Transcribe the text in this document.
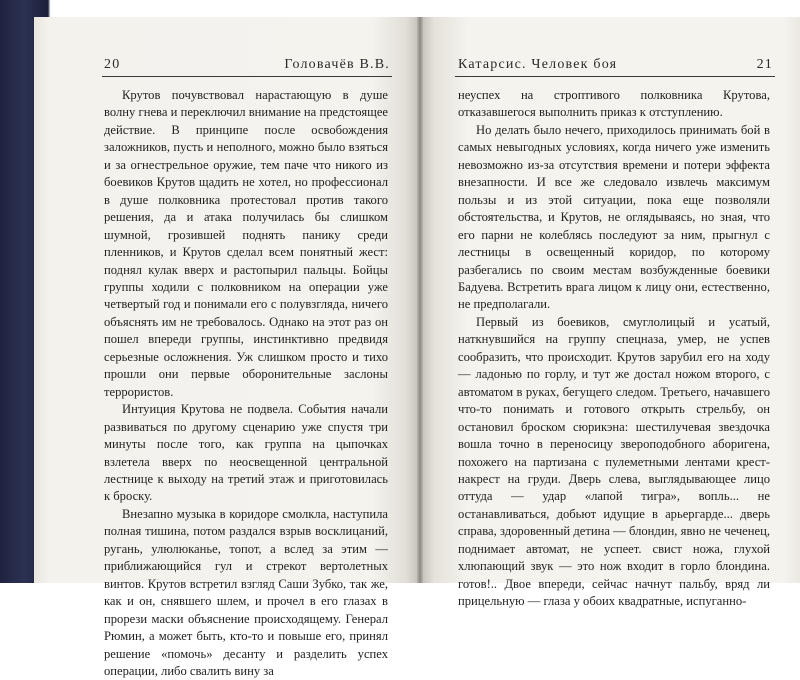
20	Головачёв В.В.

Крутов почувствовал нарастающую в душе волну гнева и переключил внимание на предстоящее действие. В принципе после освобождения заложников, пусть и неполного, можно было взяться и за огнестрельное оружие, тем паче что никого из боевиков Крутов щадить не хотел, но профессионал в душе полковника протестовал против такого решения, да и атака получилась бы слишком шумной, грозившей поднять панику среди пленников, и Крутов сделал всем понятный жест: поднял кулак вверх и растопырил пальцы. Бойцы группы ходили с полковником на операции уже четвертый год и понимали его с полувзгляда, ничего объяснять им не требовалось. Однако на этот раз он пошел впереди группы, инстинктивно предвидя серьезные осложнения. Уж слишком просто и тихо прошли они первые оборонительные заслоны террористов.

Интуиция Крутова не подвела. События начали развиваться по другому сценарию уже спустя три минуты после того, как группа на цыпочках взлетела вверх по неосвещенной центральной лестнице к выходу на третий этаж и приготовилась к броску.

Внезапно музыка в коридоре смолкла, наступила полная тишина, потом раздался взрыв восклицаний, ругань, улюлюканье, топот, а вслед за этим — приближающийся гул и стрекот вертолетных винтов. Крутов встретил взгляд Саши Зубко, так же, как и он, снявшего шлем, и прочел в его глазах в прорези маски объяснение происходящему. Генерал Рюмин, а может быть, кто-то и повыше его, принял решение «помочь» десанту и разделить успех операции, либо свалить вину за

Катарсис. Человек боя	21

неуспех на строптивого полковника Крутова, отказавшегося выполнить приказ к отступлению.

Но делать было нечего, приходилось принимать бой в самых невыгодных условиях, когда ничего уже изменить невозможно из-за отсутствия времени и потери эффекта внезапности. И все же следовало извлечь максимум пользы и из этой ситуации, пока еще позволяли обстоятельства, и Крутов, не оглядываясь, но зная, что его парни не колеблясь последуют за ним, прыгнул с лестницы в освещенный коридор, по которому разбегались по своим местам возбужденные боевики Бадуева. Встретить врага лицом к лицу они, естественно, не предполагали.

Первый из боевиков, смуглолицый и усатый, наткнувшийся на группу спецназа, умер, не успев сообразить, что происходит. Крутов зарубил его на ходу — ладонью по горлу, и тут же достал ножом второго, с автоматом в руках, бегущего следом. Третьего, начавшего что-то понимать и готового открыть стрельбу, он остановил броском сюрикэна: шестилучевая звездочка вошла точно в переносицу звероподобного аборигена, похожего на партизана с пулеметными лентами крест-накрест на груди. Дверь слева, выглядывающее лицо оттуда — удар «лапой тигра», вопль... не останавливаться, добьют идущие в арьергарде... дверь справа, здоровенный детина — блондин, явно не чеченец, поднимает автомат, не успеет. свист ножа, глухой хлюпающий звук — это нож входит в горло блондина. готов!.. Двое впереди, сейчас начнут пальбу, вряд ли прицельную — глаза у обоих квадратные, испуганно-
